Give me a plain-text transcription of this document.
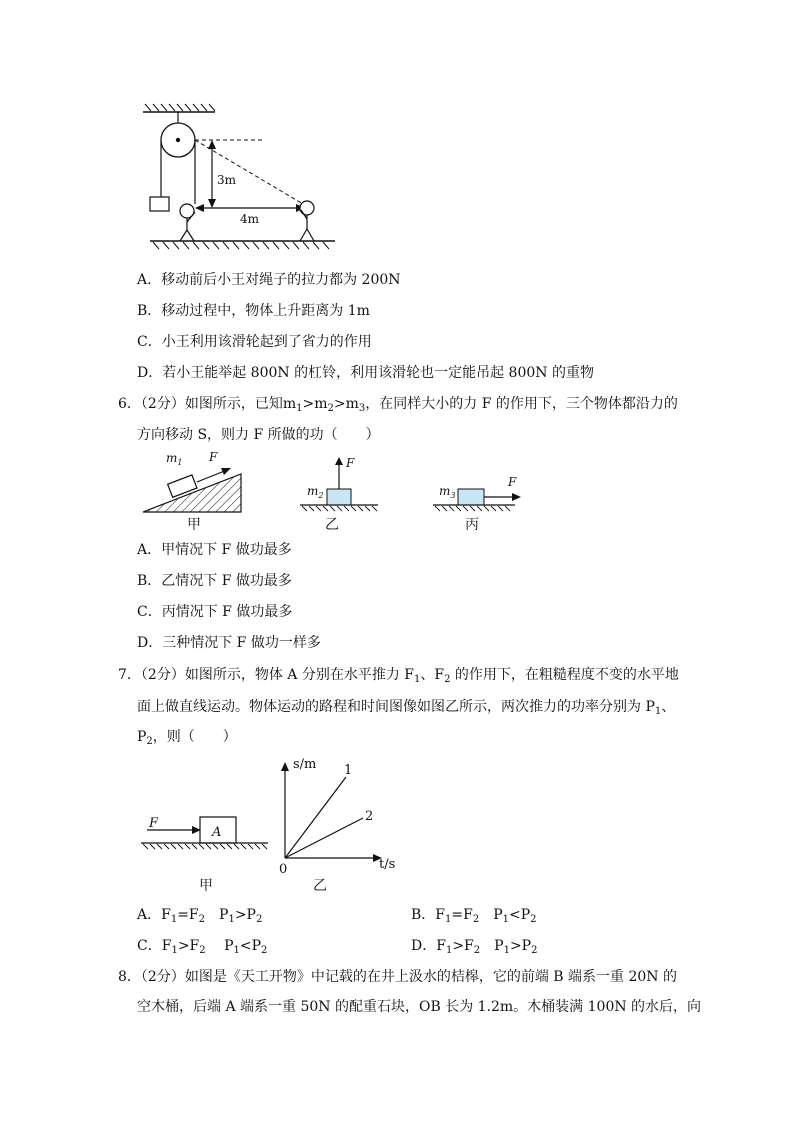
3m
4m
A．移动前后小王对绳子的拉力都为 200N
B．移动过程中，物体上升距离为 1m
C．小王利用该滑轮起到了省力的作用
D．若小王能举起 800N 的杠铃，利用该滑轮也一定能吊起 800N 的重物
6．（2分）如图所示，已知$m_1>m_2>m_3$，在同样大小的力 F 的作用下，三个物体都沿力的
方向移动 S，则力 F 所做的功（　　）
F
$m_1$
甲
F
$m_2$
乙
F
$m_3$
丙
A．甲情况下 F 做功最多
B．乙情况下 F 做功最多
C．丙情况下 F 做功最多
D．三种情况下 F 做功一样多
7．（2分）如图所示，物体 A 分别在水平推力 $F_1$、$F_2$ 的作用下，在粗糙程度不变的水平地
面上做直线运动。物体运动的路程和时间图像如图乙所示，两次推力的功率分别为 $P_1$、
$P_2$，则（　　）
F
A
甲
s/m
t/s
0
1
2
乙
A．$F_1=F_2$　$P_1>P_2$	B．$F_1=F_2$　$P_1<P_2$
C．$F_1>F_2$　 $P_1<P_2$	D．$F_1>F_2$　$P_1>P_2$
8．（2分）如图是《天工开物》中记载的在井上汲水的桔槔，它的前端 B 端系一重 20N 的
空木桶，后端 A 端系一重 50N 的配重石块，OB 长为 1.2m。木桶装满 100N 的水后，向
